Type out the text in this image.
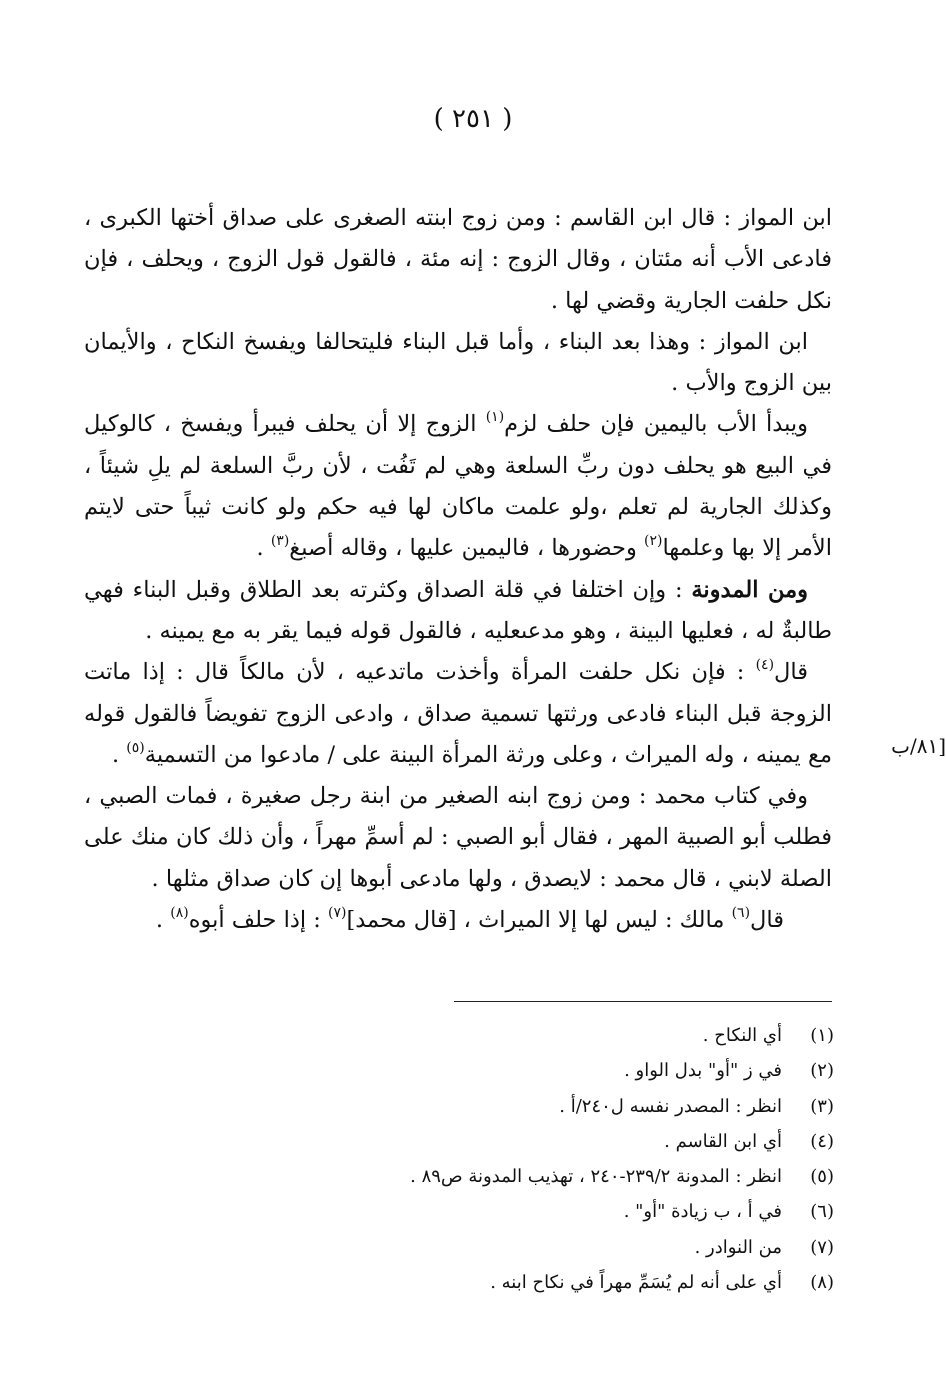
( ٢٥١ )

ابن المواز : قال ابن القاسم : ومن زوج ابنته الصغرى على صداق أختها الكبرى ، فادعى الأب أنه مئتان ، وقال الزوج : إنه مئة ، فالقول قول الزوج ، ويحلف ، فإن نكل حلفت الجارية وقضي لها .

ابن المواز : وهذا بعد البناء ، وأما قبل البناء فليتحالفا ويفسخ النكاح ، والأيمان بين الزوج والأب .

ويبدأ الأب باليمين فإن حلف لزم$^{(١)}$ الزوج إلا أن يحلف فيبرأ ويفسخ ، كالوكيل في البيع هو يحلف دون ربِّ السلعة وهي لم تَفُت ، لأن ربَّ السلعة لم يلِ شيئاً ، وكذلك الجارية لم تعلم ،ولو علمت ماكان لها فيه حكم ولو كانت ثيباً حتى لايتم الأمر إلا بها وعلمها$^{(٢)}$ وحضورها ، فاليمين عليها ، وقاله أصبغ$^{(٣)}$ .

ومن المدونة : وإن اختلفا في قلة الصداق وكثرته بعد الطلاق وقبل البناء فهي طالبةٌ له ، فعليها البينة ، وهو مدعىعليه ، فالقول قوله فيما يقر به مع يمينه .

قال$^{(٤)}$ : فإن نكل حلفت المرأة وأخذت ماتدعيه ، لأن مالكاً قال : إذا ماتت الزوجة قبل البناء فادعى ورثتها تسمية صداق ، وادعى الزوج تفويضاً فالقول قوله مع يمينه ، وله الميراث ، وعلى ورثة المرأة البينة على / مادعوا من التسمية$^{(٥)}$ .

وفي كتاب محمد : ومن زوج ابنه الصغير من ابنة رجل صغيرة ، فمات الصبي ، فطلب أبو الصبية المهر ، فقال أبو الصبي : لم أسمِّ مهراً ، وأن ذلك كان منك على الصلة لابني ، قال محمد : لايصدق ، ولها مادعى أبوها إن كان صداق مثلها .

قال$^{(٦)}$ مالك : ليس لها إلا الميراث ، [قال محمد]$^{(٧)}$ : إذا حلف أبوه$^{(٨)}$ .

[٨١/ب
(١)أي النكاح .
(٢)في ز "أو" بدل الواو .
(٣)انظر : المصدر نفسه ل٢٤٠/أ .
(٤)أي ابن القاسم .
(٥)انظر : المدونة ٢٣٩/٢-٢٤٠ ، تهذيب المدونة ص٨٩ .
(٦)في أ ، ب زيادة "أو" .
(٧)من النوادر .
(٨)أي على أنه لم يُسَمِّ مهراً في نكاح ابنه .
